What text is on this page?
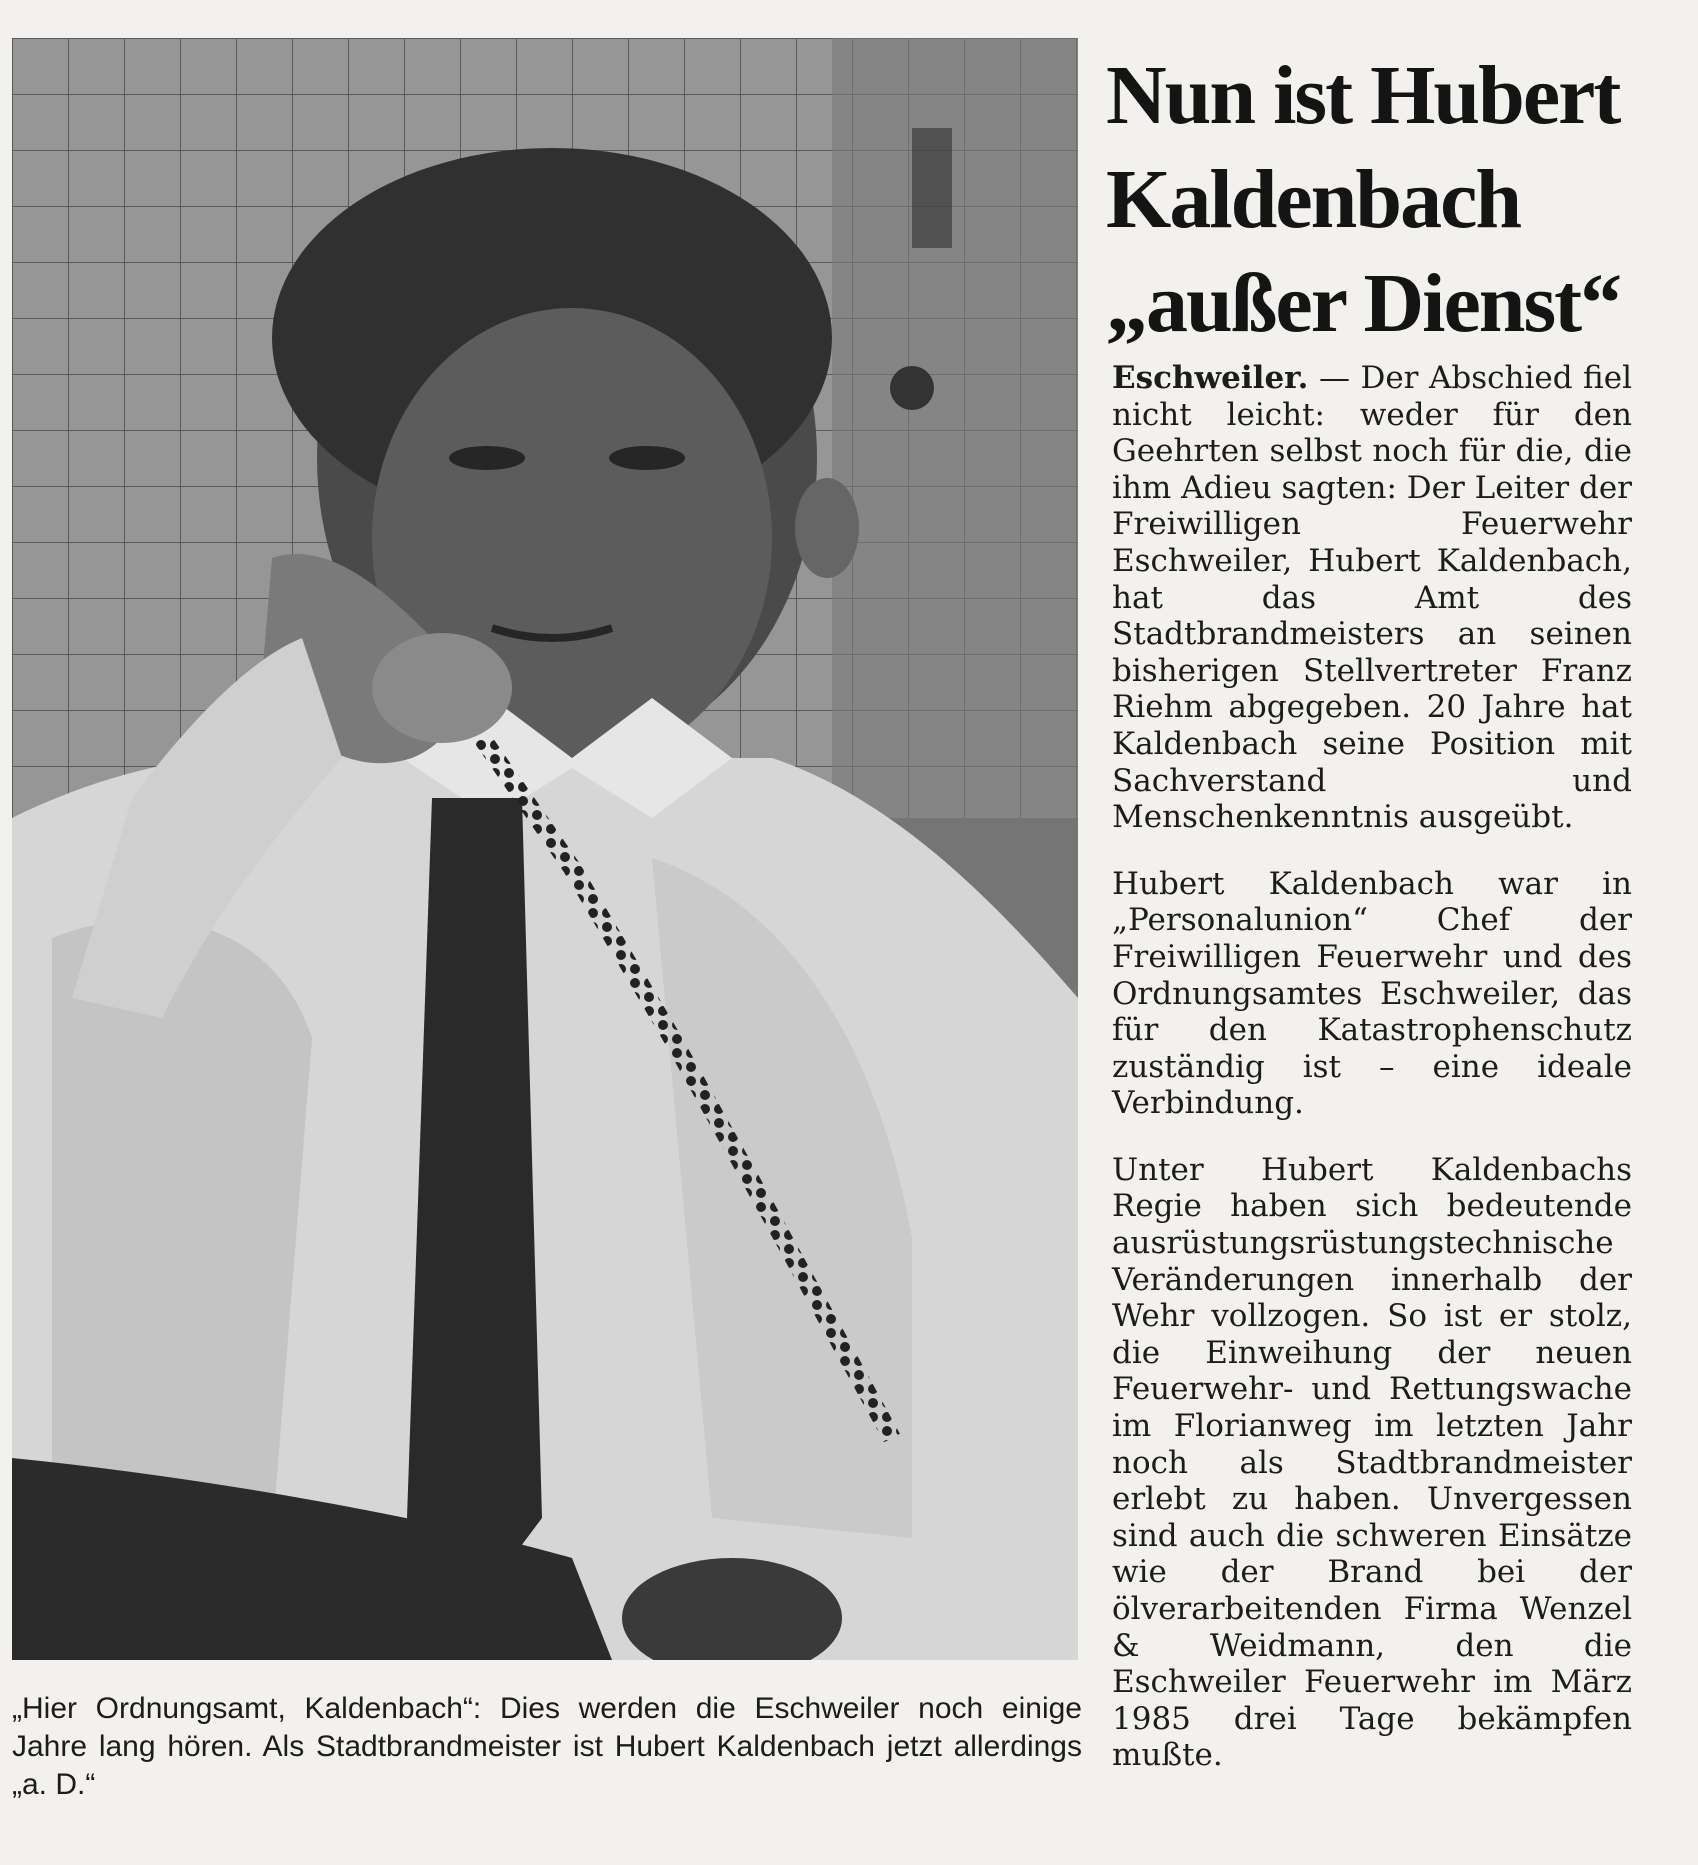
„Hier Ordnungsamt, Kaldenbach“: Dies werden die Eschweiler noch einige Jahre lang hören. Als Stadtbrandmeister ist Hubert Kaldenbach jetzt allerdings „a. D.“
Nun ist Hubert
Kaldenbach
„außer Dienst“

Eschweiler. — Der Abschied fiel nicht leicht: weder für den Geehrten selbst noch für die, die ihm Adieu sagten: Der Leiter der Freiwilligen Feuerwehr Eschweiler, Hubert Kaldenbach, hat das Amt des Stadtbrandmeisters an seinen bisherigen Stellvertreter Franz Riehm abgegeben. 20 Jahre hat Kaldenbach seine Position mit Sachverstand und Menschenkenntnis ausgeübt.

Hubert Kaldenbach war in „Personalunion“ Chef der Freiwilligen Feuerwehr und des Ordnungsamtes Eschweiler, das für den Katastrophenschutz zuständig ist – eine ideale Verbindung.

Unter Hubert Kaldenbachs Regie haben sich bedeutende ausrüstungsrüstungstechnische Veränderungen innerhalb der Wehr vollzogen. So ist er stolz, die Einweihung der neuen Feuerwehr- und Rettungswache im Florianweg im letzten Jahr noch als Stadtbrandmeister erlebt zu haben. Unvergessen sind auch die schweren Einsätze wie der Brand bei der ölverarbeitenden Firma Wenzel & Weidmann, den die Eschweiler Feuerwehr im März 1985 drei Tage bekämpfen mußte.
